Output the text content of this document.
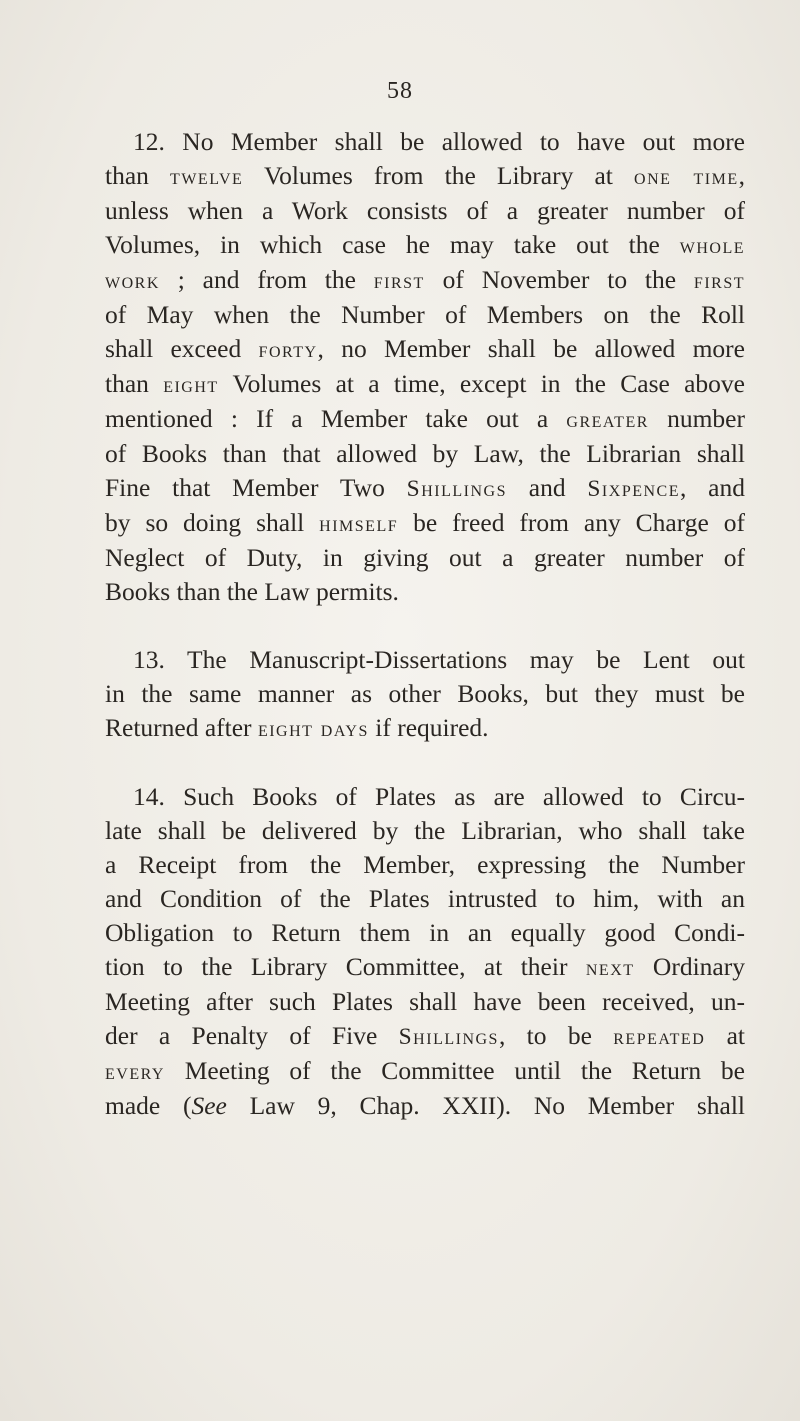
58
12. No Member shall be allowed to have out more
than twelve Volumes from the Library at one time,
unless when a Work consists of a greater number of
Volumes, in which case he may take out the whole
work ; and from the first of November to the first
of May when the Number of Members on the Roll
shall exceed forty, no Member shall be allowed more
than eight Volumes at a time, except in the Case above
mentioned : If a Member take out a greater number
of Books than that allowed by Law, the Librarian shall
Fine that Member Two Shillings and Sixpence, and
by so doing shall himself be freed from any Charge of
Neglect of Duty, in giving out a greater number of
Books than the Law permits.
13. The Manuscript-Dissertations may be Lent out
in the same manner as other Books, but they must be
Returned after eight days if required.
14. Such Books of Plates as are allowed to Circu-
late shall be delivered by the Librarian, who shall take
a Receipt from the Member, expressing the Number
and Condition of the Plates intrusted to him, with an
Obligation to Return them in an equally good Condi-
tion to the Library Committee, at their next Ordinary
Meeting after such Plates shall have been received, un-
der a Penalty of Five Shillings, to be repeated at
every Meeting of the Committee until the Return be
made (See Law 9, Chap. XXII). No Member shall
